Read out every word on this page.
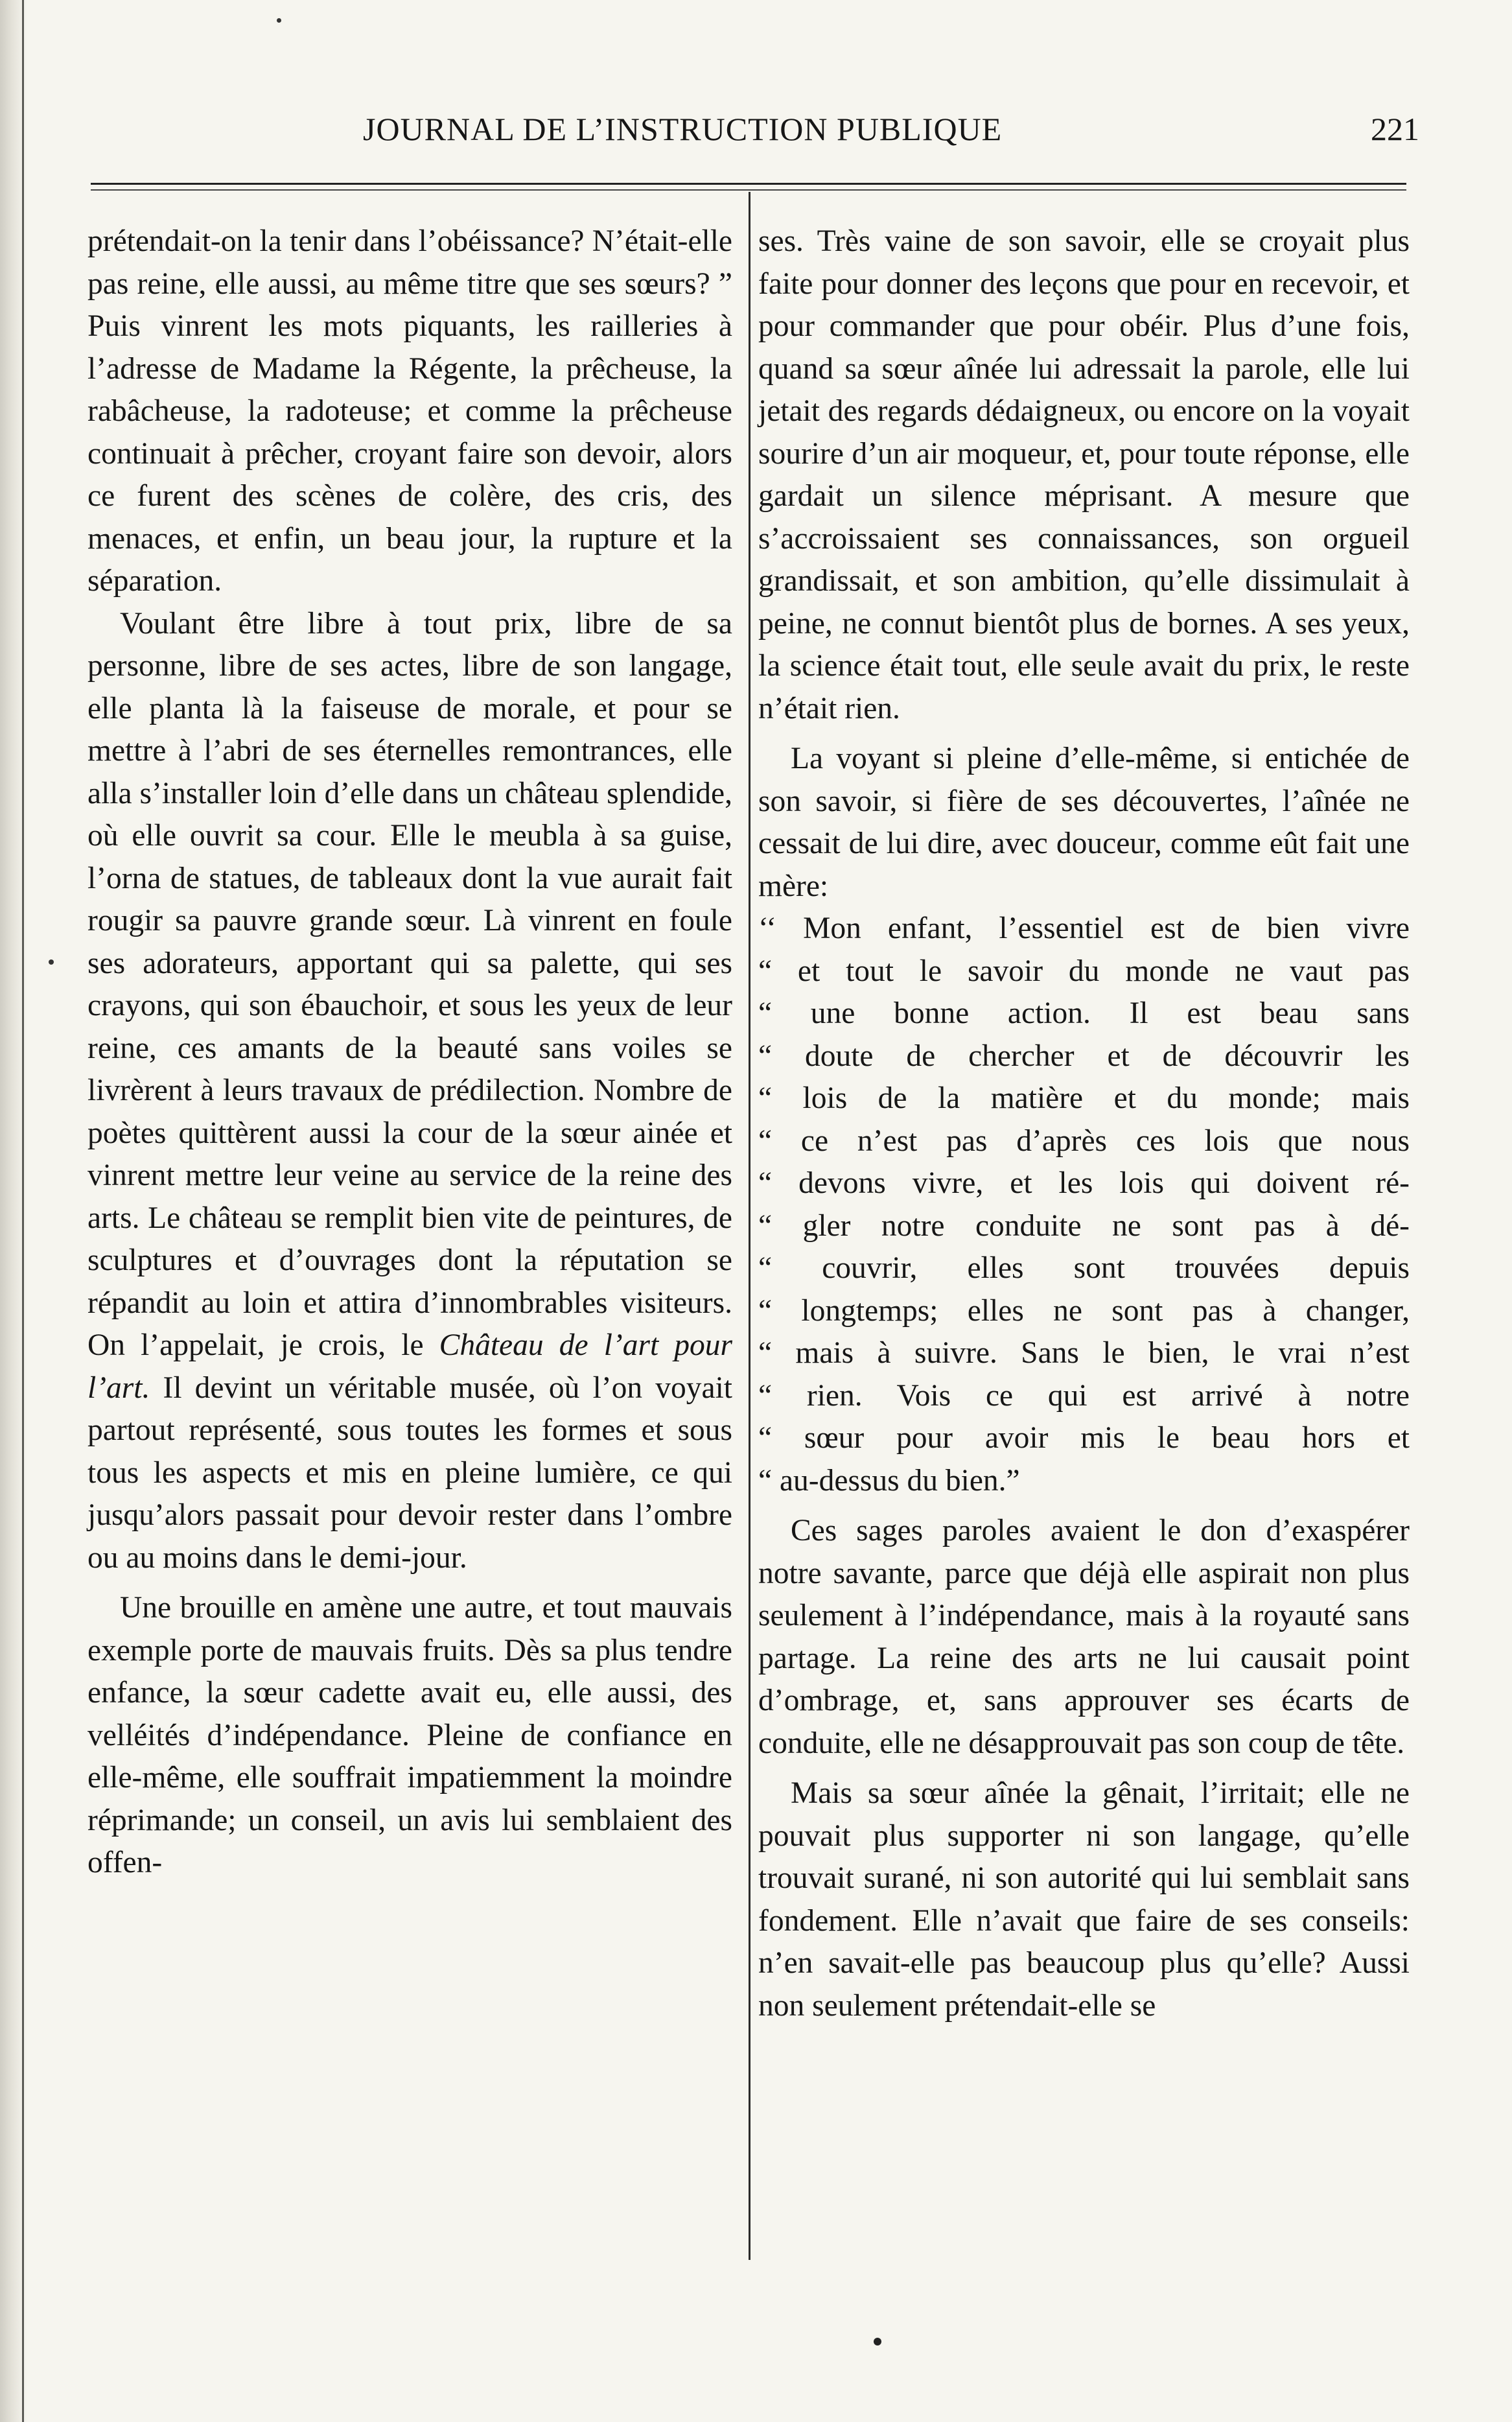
JOURNAL DE L’INSTRUCTION PUBLIQUE	221

prétendait-on la tenir dans l’obéissance? N’était-elle pas reine, elle aussi, au même titre que ses sœurs? ” Puis vinrent les mots piquants, les railleries à l’adresse de Madame la Régente, la prêcheuse, la rabâcheuse, la radoteuse; et comme la prêcheuse continuait à prêcher, croyant faire son devoir, alors ce furent des scènes de colère, des cris, des menaces, et enfin, un beau jour, la rupture et la séparation.

Voulant être libre à tout prix, libre de sa personne, libre de ses actes, libre de son langage, elle planta là la faiseuse de morale, et pour se mettre à l’abri de ses éternelles remontrances, elle alla s’installer loin d’elle dans un château splendide, où elle ouvrit sa cour. Elle le meubla à sa guise, l’orna de statues, de tableaux dont la vue aurait fait rougir sa pauvre grande sœur. Là vinrent en foule ses adorateurs, apportant qui sa palette, qui ses crayons, qui son ébauchoir, et sous les yeux de leur reine, ces amants de la beauté sans voiles se livrèrent à leurs travaux de prédilection. Nombre de poètes quittèrent aussi la cour de la sœur ainée et vinrent mettre leur veine au service de la reine des arts. Le château se remplit bien vite de peintures, de sculptures et d’ouvrages dont la réputation se répandit au loin et attira d’innombrables visiteurs. On l’appelait, je crois, le Château de l’art pour l’art. Il devint un véritable musée, où l’on voyait partout représenté, sous toutes les formes et sous tous les aspects et mis en pleine lumière, ce qui jusqu’alors passait pour devoir rester dans l’ombre ou au moins dans le demi-jour.

Une brouille en amène une autre, et tout mauvais exemple porte de mauvais fruits. Dès sa plus tendre enfance, la sœur cadette avait eu, elle aussi, des velléités d’indépendance. Pleine de confiance en elle-même, elle souffrait impatiemment la moindre réprimande; un conseil, un avis lui semblaient des offen-

ses. Très vaine de son savoir, elle se croyait plus faite pour donner des leçons que pour en recevoir, et pour commander que pour obéir. Plus d’une fois, quand sa sœur aînée lui adressait la parole, elle lui jetait des regards dédaigneux, ou encore on la voyait sourire d’un air moqueur, et, pour toute réponse, elle gardait un silence méprisant. A mesure que s’accroissaient ses connaissances, son orgueil grandissait, et son ambition, qu’elle dissimulait à peine, ne connut bientôt plus de bornes. A ses yeux, la science était tout, elle seule avait du prix, le reste n’était rien.

La voyant si pleine d’elle-même, si entichée de son savoir, si fière de ses découvertes, l’aînée ne cessait de lui dire, avec douceur, comme eût fait une mère:

‘‘ Mon enfant, l’essentiel est de bien vivre
“ et tout le savoir du monde ne vaut pas
“ une bonne action. Il est beau sans
“ doute de chercher et de découvrir les
“ lois de la matière et du monde; mais
“ ce n’est pas d’après ces lois que nous
“ devons vivre, et les lois qui doivent ré-
“ gler notre conduite ne sont pas à dé-
“ couvrir, elles sont trouvées depuis
“ longtemps; elles ne sont pas à changer,
“ mais à suivre. Sans le bien, le vrai n’est
“ rien. Vois ce qui est arrivé à notre
“ sœur pour avoir mis le beau hors et
“ au-dessus du bien.”

Ces sages paroles avaient le don d’exaspérer notre savante, parce que déjà elle aspirait non plus seulement à l’indépendance, mais à la royauté sans partage. La reine des arts ne lui causait point d’ombrage, et, sans approuver ses écarts de conduite, elle ne désapprouvait pas son coup de tête.

Mais sa sœur aînée la gênait, l’irritait; elle ne pouvait plus supporter ni son langage, qu’elle trouvait surané, ni son autorité qui lui semblait sans fondement. Elle n’avait que faire de ses conseils: n’en savait-elle pas beaucoup plus qu’elle? Aussi non seulement prétendait-elle se
